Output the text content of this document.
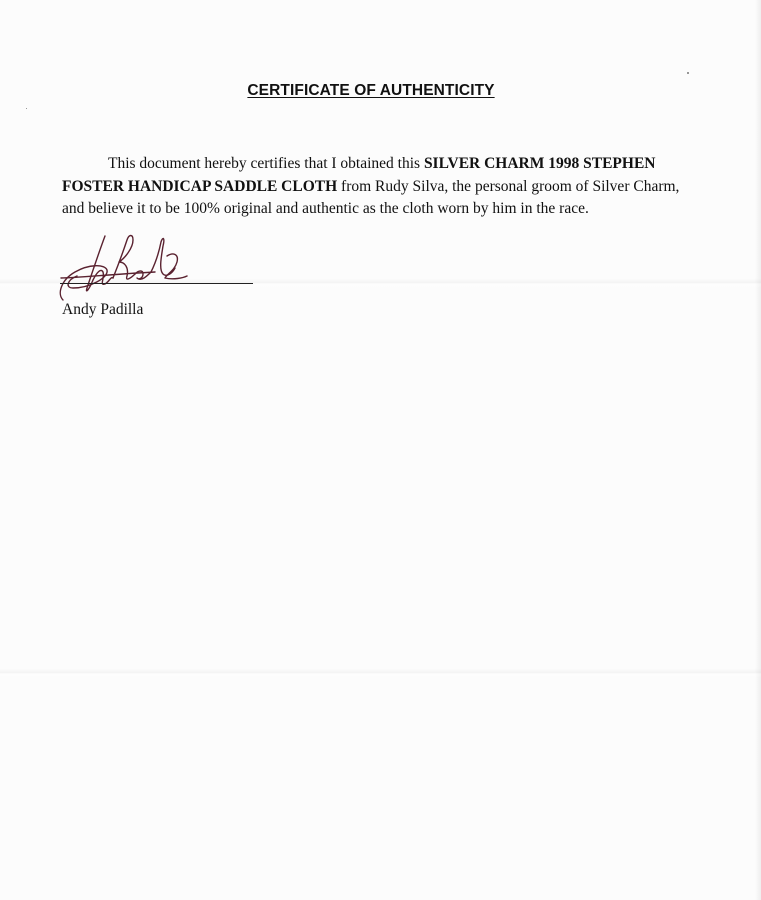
CERTIFICATE OF AUTHENTICITY

This document hereby certifies that I obtained this SILVER CHARM 1998 STEPHEN FOSTER HANDICAP SADDLE CLOTH from Rudy Silva, the personal groom of Silver Charm, and believe it to be 100% original and authentic as the cloth worn by him in the race.

Andy Padilla
